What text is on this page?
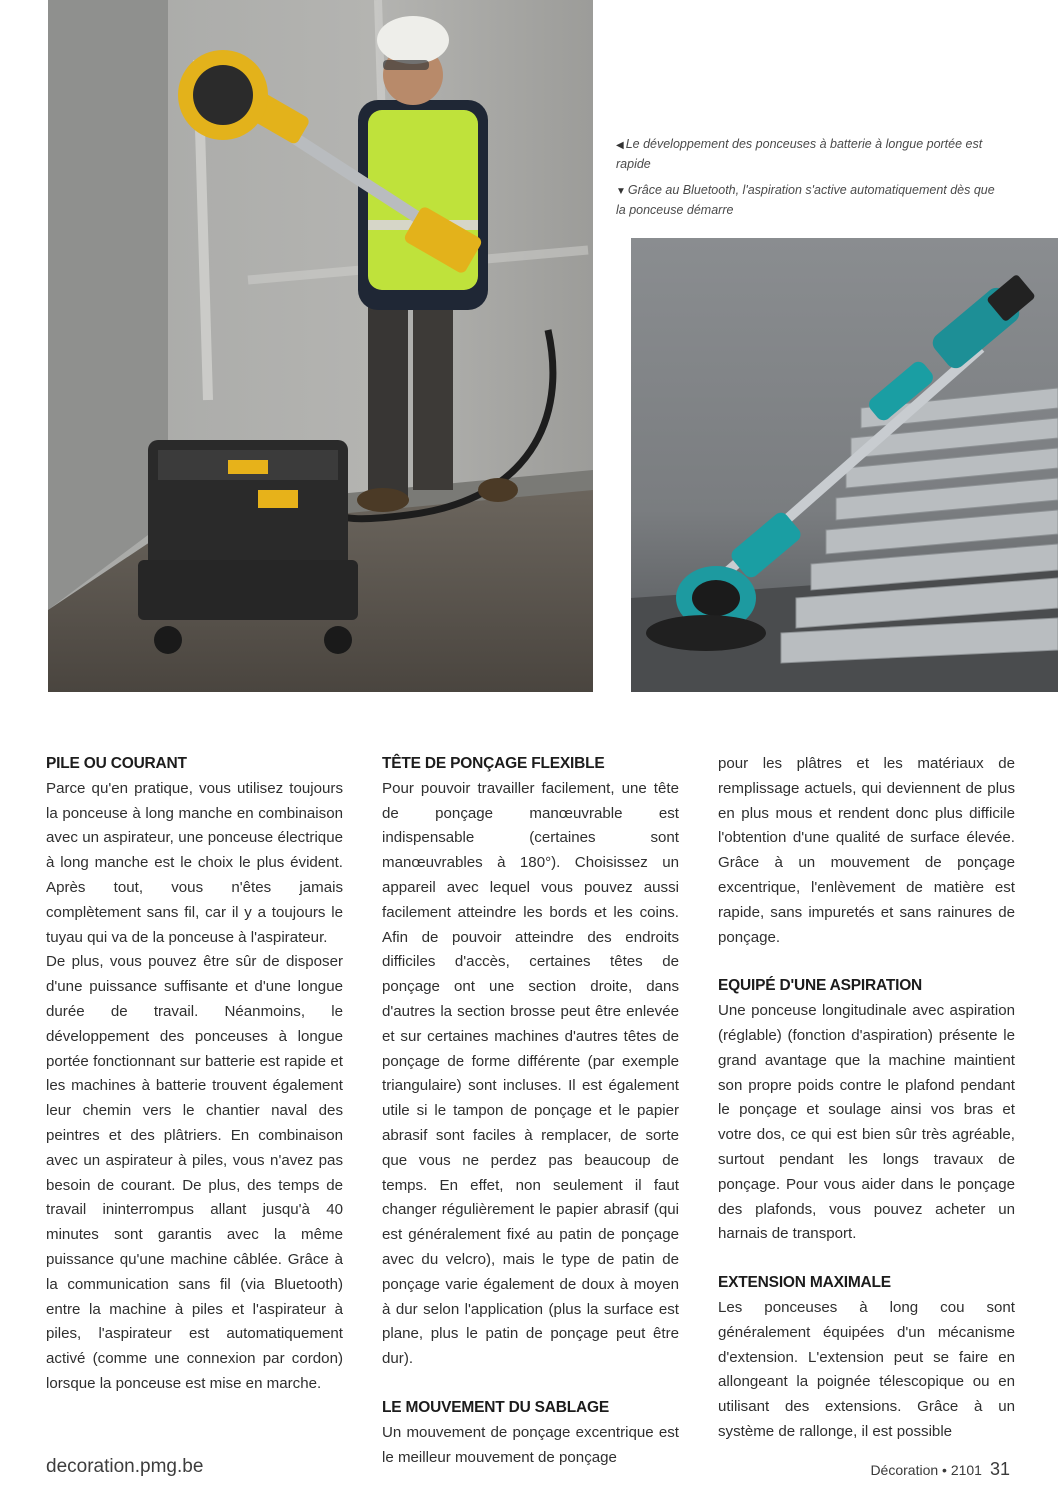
◀ Le développement des ponceuses à batterie à longue portée est rapide

▼ Grâce au Bluetooth, l'aspiration s'active automatiquement dès que la ponceuse démarre

PILE OU COURANT

Parce qu'en pratique, vous utilisez toujours la ponceuse à long manche en combinaison avec un aspirateur, une ponceuse électrique à long manche est le choix le plus évident. Après tout, vous n'êtes jamais complètement sans fil, car il y a toujours le tuyau qui va de la ponceuse à l'aspirateur.

De plus, vous pouvez être sûr de disposer d'une puissance suffisante et d'une longue durée de travail. Néanmoins, le développement des ponceuses à longue portée fonctionnant sur batterie est rapide et les machines à batterie trouvent également leur chemin vers le chantier naval des peintres et des plâtriers. En combinaison avec un aspirateur à piles, vous n'avez pas besoin de courant. De plus, des temps de travail ininterrompus allant jusqu'à 40 minutes sont garantis avec la même puissance qu'une machine câblée. Grâce à la communication sans fil (via Bluetooth) entre la machine à piles et l'aspirateur à piles, l'aspirateur est automatiquement activé (comme une connexion par cordon) lorsque la ponceuse est mise en marche.

TÊTE DE PONÇAGE FLEXIBLE

Pour pouvoir travailler facilement, une tête de ponçage manœuvrable est indispensable (certaines sont manœuvrables à 180°). Choisissez un appareil avec lequel vous pouvez aussi facilement atteindre les bords et les coins. Afin de pouvoir atteindre des endroits difficiles d'accès, certaines têtes de ponçage ont une section droite, dans d'autres la section brosse peut être enlevée et sur certaines machines d'autres têtes de ponçage de forme différente (par exemple triangulaire) sont incluses. Il est également utile si le tampon de ponçage et le papier abrasif sont faciles à remplacer, de sorte que vous ne perdez pas beaucoup de temps. En effet, non seulement il faut changer régulièrement le papier abrasif (qui est généralement fixé au patin de ponçage avec du velcro), mais le type de patin de ponçage varie également de doux à moyen à dur selon l'application (plus la surface est plane, plus le patin de ponçage peut être dur).

LE MOUVEMENT DU SABLAGE

Un mouvement de ponçage excentrique est le meilleur mouvement de ponçage

pour les plâtres et les matériaux de remplissage actuels, qui deviennent de plus en plus mous et rendent donc plus difficile l'obtention d'une qualité de surface élevée. Grâce à un mouvement de ponçage excentrique, l'enlèvement de matière est rapide, sans impuretés et sans rainures de ponçage.

EQUIPÉ D'UNE ASPIRATION

Une ponceuse longitudinale avec aspiration (réglable) (fonction d'aspiration) présente le grand avantage que la machine maintient son propre poids contre le plafond pendant le ponçage et soulage ainsi vos bras et votre dos, ce qui est bien sûr très agréable, surtout pendant les longs travaux de ponçage. Pour vous aider dans le ponçage des plafonds, vous pouvez acheter un harnais de transport.

EXTENSION MAXIMALE

Les ponceuses à long cou sont généralement équipées d'un mécanisme d'extension. L'extension peut se faire en allongeant la poignée télescopique ou en utilisant des extensions. Grâce à un système de rallonge, il est possible

decoration.pmg.be	Décoration • 2101 31
